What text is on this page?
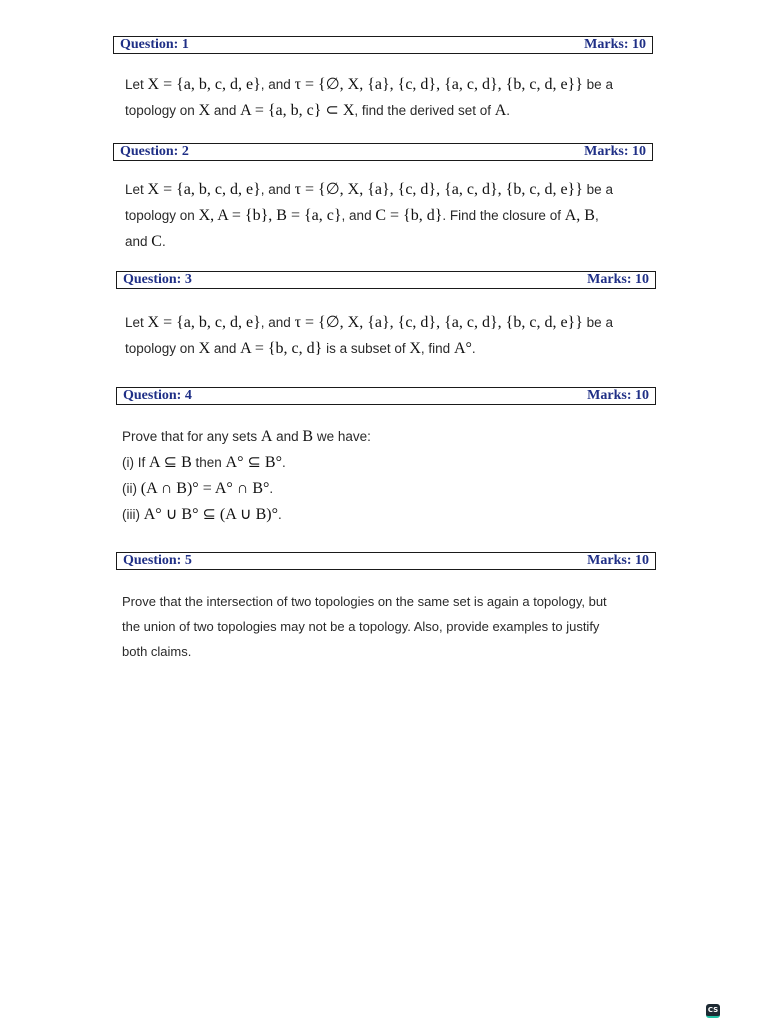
Question: 1	Marks: 10
Let X = {a, b, c, d, e}, and τ = {∅, X, {a}, {c, d}, {a, c, d}, {b, c, d, e}} be a
topology on X and A = {a, b, c} ⊂ X, find the derived set of A.
Question: 2	Marks: 10
Let X = {a, b, c, d, e}, and τ = {∅, X, {a}, {c, d}, {a, c, d}, {b, c, d, e}} be a
topology on X, A = {b}, B = {a, c}, and C = {b, d}. Find the closure of A, B,
and C.
Question: 3	Marks: 10
Let X = {a, b, c, d, e}, and τ = {∅, X, {a}, {c, d}, {a, c, d}, {b, c, d, e}} be a
topology on X and A = {b, c, d} is a subset of X, find A°.
Question: 4	Marks: 10
Prove that for any sets A and B we have:
(i) If A ⊆ B then A° ⊆ B°.
(ii) (A ∩ B)° = A° ∩ B°.
(iii) A° ∪ B° ⊆ (A ∪ B)°.
Question: 5	Marks: 10
Prove that the intersection of two topologies on the same set is again a topology, but
the union of two topologies may not be a topology. Also, provide examples to justify
both claims.
CS
